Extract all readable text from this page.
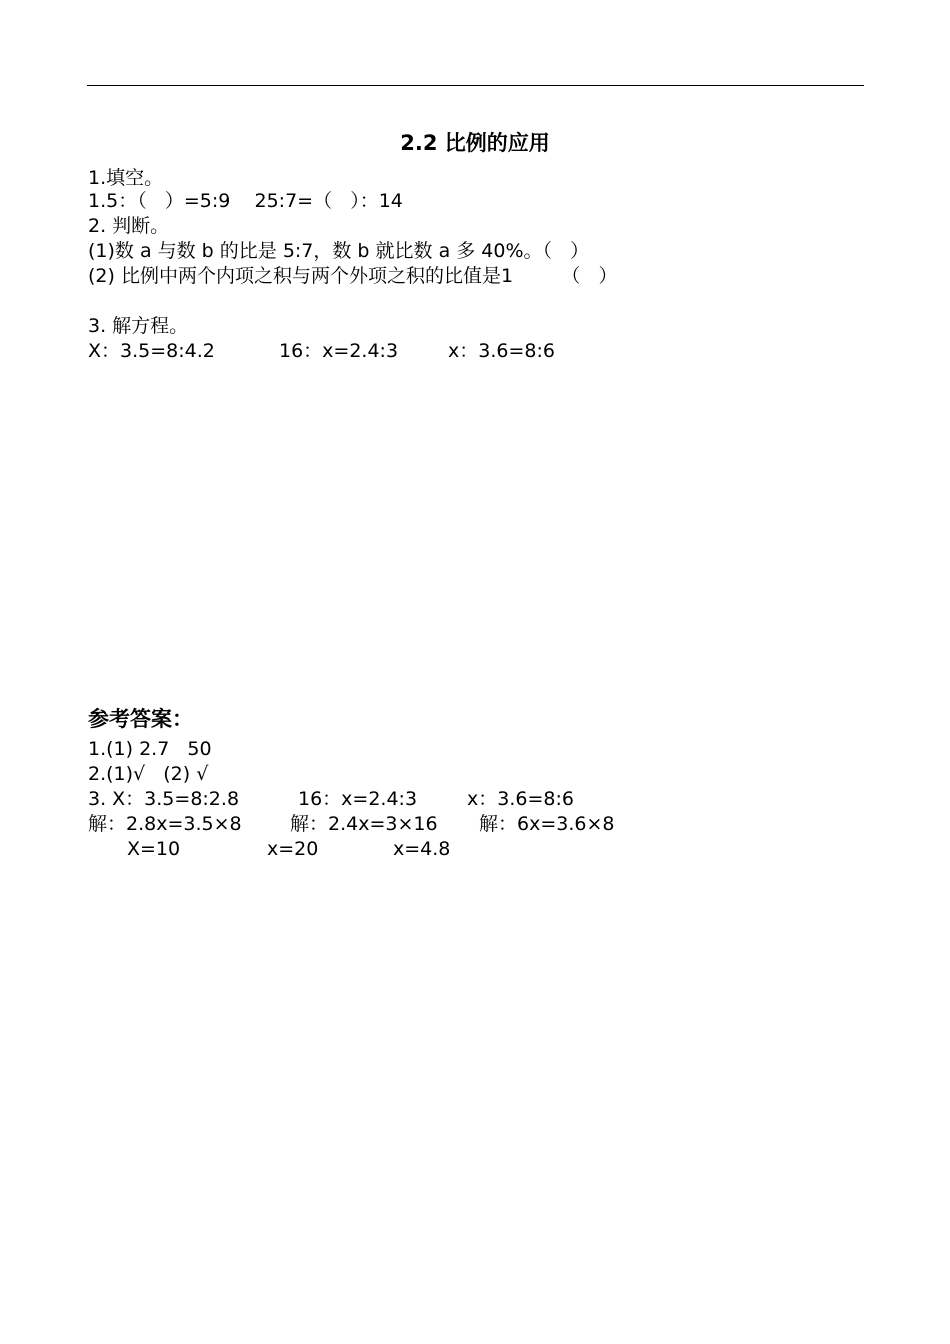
2.2 比例的应用
1.填空。
1.5：（   ）=5:9    25:7=（   ）：14
2. 判断。
(1)数 a 与数 b 的比是 5:7，数 b 就比数 a 多 40%。（   ）
(2) 比例中两个内项之积与两个外项之积的比值是1        （   ）
3. 解方程。
X：3.5=8:4.2	16：x=2.4:3	x：3.6=8:6
参考答案：
1.(1) 2.7   50
2.(1)√   (2) √
3. X：3.5=8:2.8	16：x=2.4:3	x：3.6=8:6
解：2.8x=3.5×8	解：2.4x=3×16 解：6x=3.6×8
X=10	x=20	x=4.8
